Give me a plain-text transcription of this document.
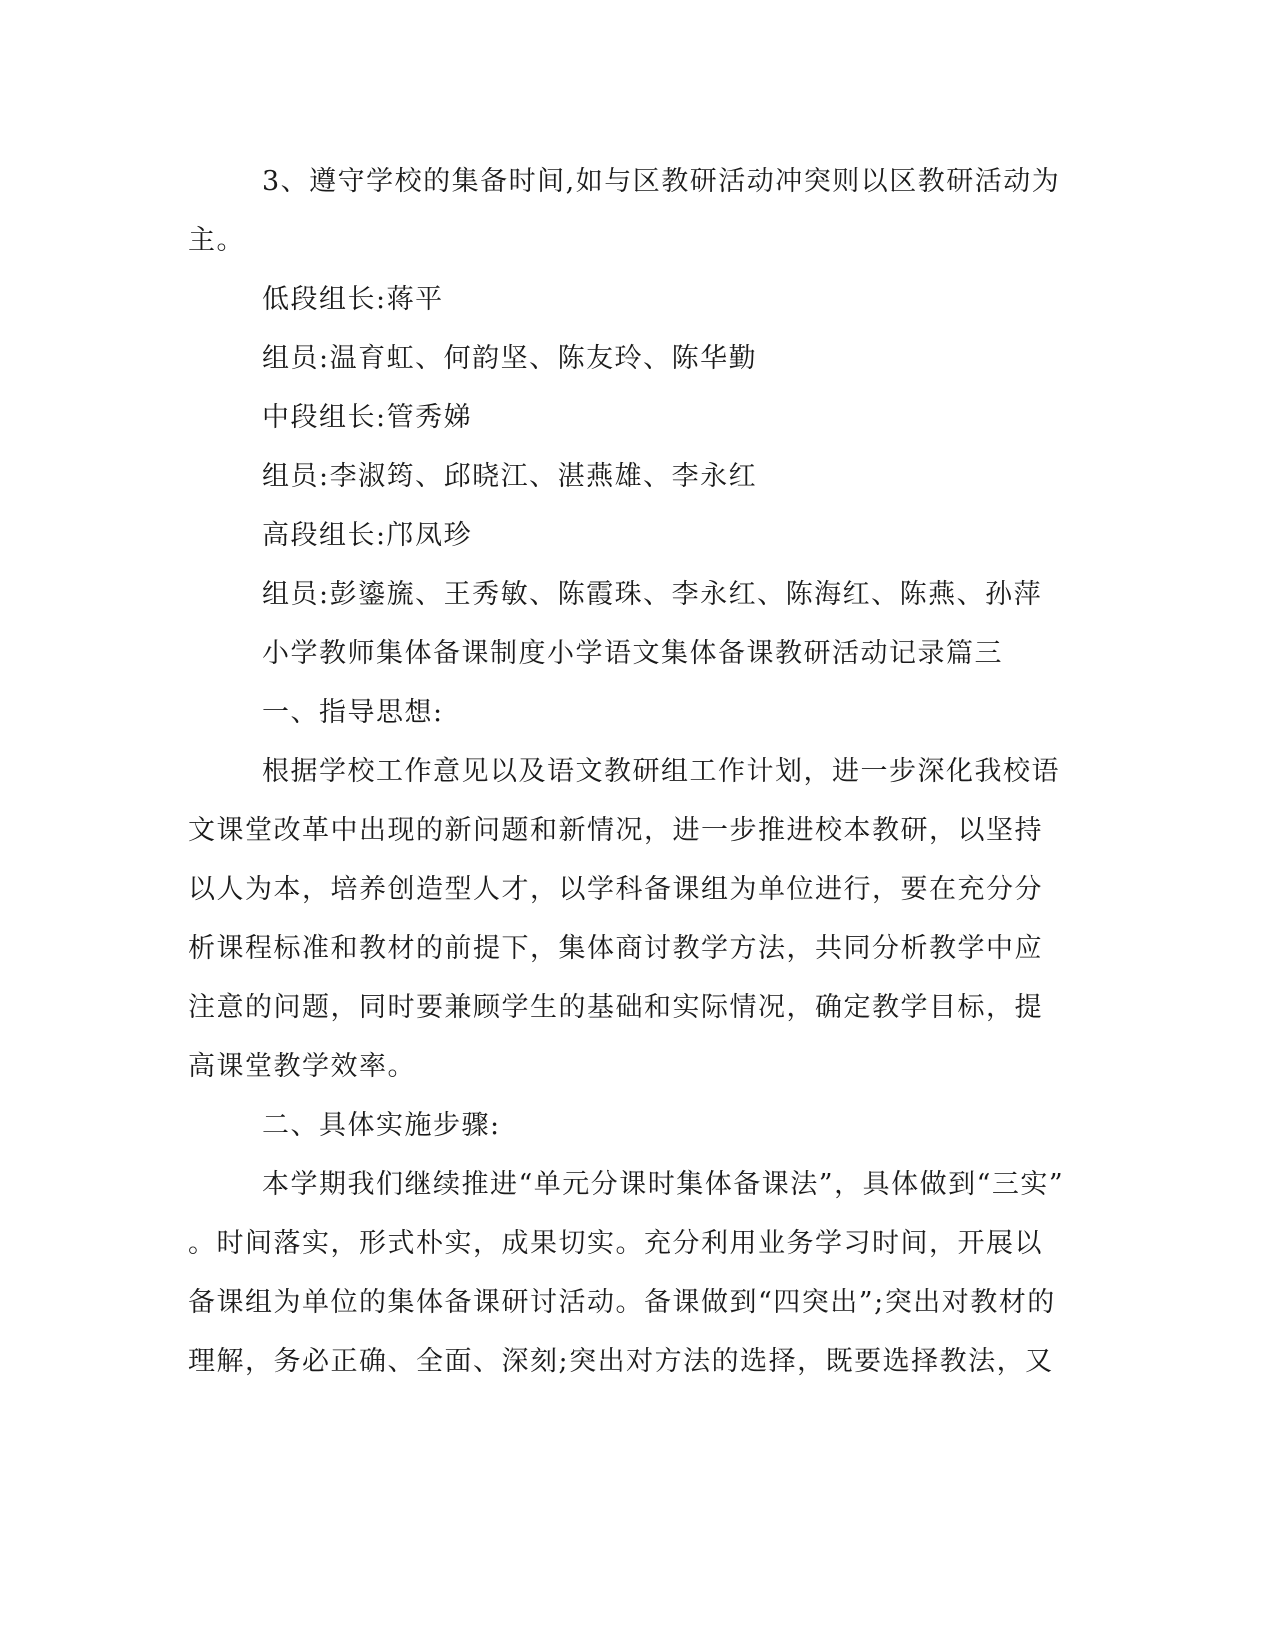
3、遵守学校的集备时间,如与区教研活动冲突则以区教研活动为
主。
低段组长:蒋平
组员:温育虹、何韵坚、陈友玲、陈华勤
中段组长:管秀娣
组员:李淑筠、邱晓江、湛燕雄、李永红
高段组长:邝凤珍
组员:彭鎏旒、王秀敏、陈霞珠、李永红、陈海红、陈燕、孙萍
小学教师集体备课制度小学语文集体备课教研活动记录篇三
一、指导思想:
根据学校工作意见以及语文教研组工作计划，进一步深化我校语
文课堂改革中出现的新问题和新情况，进一步推进校本教研，以坚持
以人为本，培养创造型人才，以学科备课组为单位进行，要在充分分
析课程标准和教材的前提下，集体商讨教学方法，共同分析教学中应
注意的问题，同时要兼顾学生的基础和实际情况，确定教学目标，提
高课堂教学效率。
二、具体实施步骤:
本学期我们继续推进“单元分课时集体备课法”，具体做到“三实”
。时间落实，形式朴实，成果切实。充分利用业务学习时间，开展以
备课组为单位的集体备课研讨活动。备课做到“四突出”;突出对教材的
理解，务必正确、全面、深刻;突出对方法的选择，既要选择教法，又
